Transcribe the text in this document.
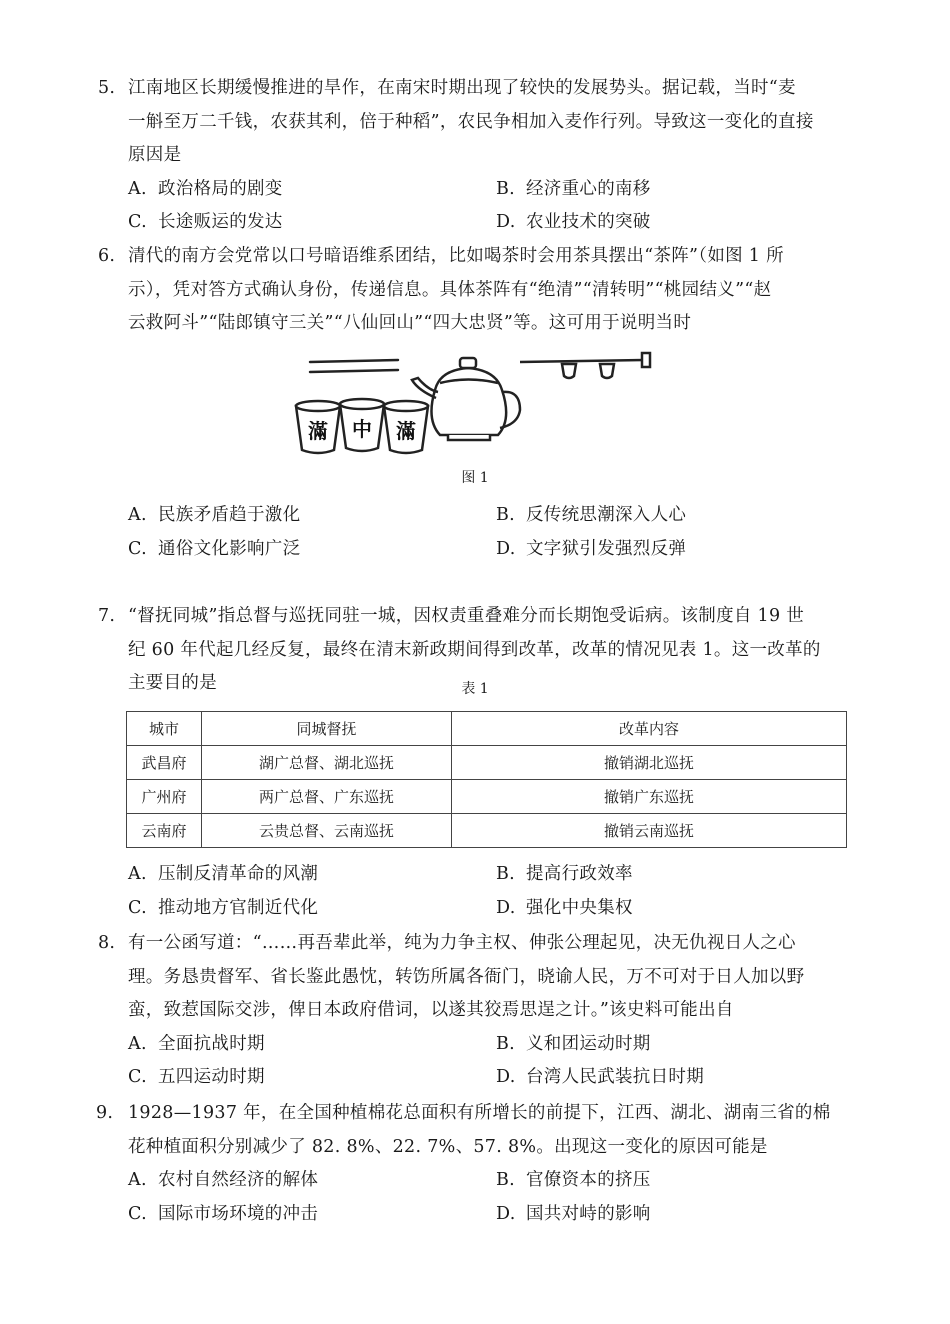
5. 江南地区长期缓慢推进的旱作，在南宋时期出现了较快的发展势头。据记载，当时“麦
一斛至万二千钱，农获其利，倍于种稻”，农民争相加入麦作行列。导致这一变化的直接
原因是
A. 政治格局的剧变	B. 经济重心的南移
C. 长途贩运的发达	D. 农业技术的突破
6. 清代的南方会党常以口号暗语维系团结，比如喝茶时会用茶具摆出“茶阵”（如图 1 所
示），凭对答方式确认身份，传递信息。具体茶阵有“绝清”“清转明”“桃园结义”“赵
云救阿斗”“陆郎镇守三关”“八仙回山”“四大忠贤”等。这可用于说明当时
滿 中 滿
图 1
A. 民族矛盾趋于激化	B. 反传统思潮深入人心
C. 通俗文化影响广泛	D. 文字狱引发强烈反弹
7. “督抚同城”指总督与巡抚同驻一城，因权责重叠难分而长期饱受诟病。该制度自 19 世
纪 60 年代起几经反复，最终在清末新政期间得到改革，改革的情况见表 1。这一改革的
主要目的是	表 1
城市	同城督抚	改革内容
武昌府	湖广总督、湖北巡抚	撤销湖北巡抚
广州府	两广总督、广东巡抚	撤销广东巡抚
云南府	云贵总督、云南巡抚	撤销云南巡抚
A. 压制反清革命的风潮	B. 提高行政效率
C. 推动地方官制近代化	D. 强化中央集权
8. 有一公函写道：“……再吾辈此举，纯为力争主权、伸张公理起见，决无仇视日人之心
理。务恳贵督军、省长鉴此愚忱，转饬所属各衙门，晓谕人民，万不可对于日人加以野
蛮，致惹国际交涉，俾日本政府借词，以遂其狡焉思逞之计。”该史料可能出自
A. 全面抗战时期	B. 义和团运动时期
C. 五四运动时期	D. 台湾人民武装抗日时期
9. 1928—1937 年，在全国种植棉花总面积有所增长的前提下，江西、湖北、湖南三省的棉
花种植面积分别减少了 82. 8%、22. 7%、57. 8%。出现这一变化的原因可能是
A. 农村自然经济的解体	B. 官僚资本的挤压
C. 国际市场环境的冲击	D. 国共对峙的影响
